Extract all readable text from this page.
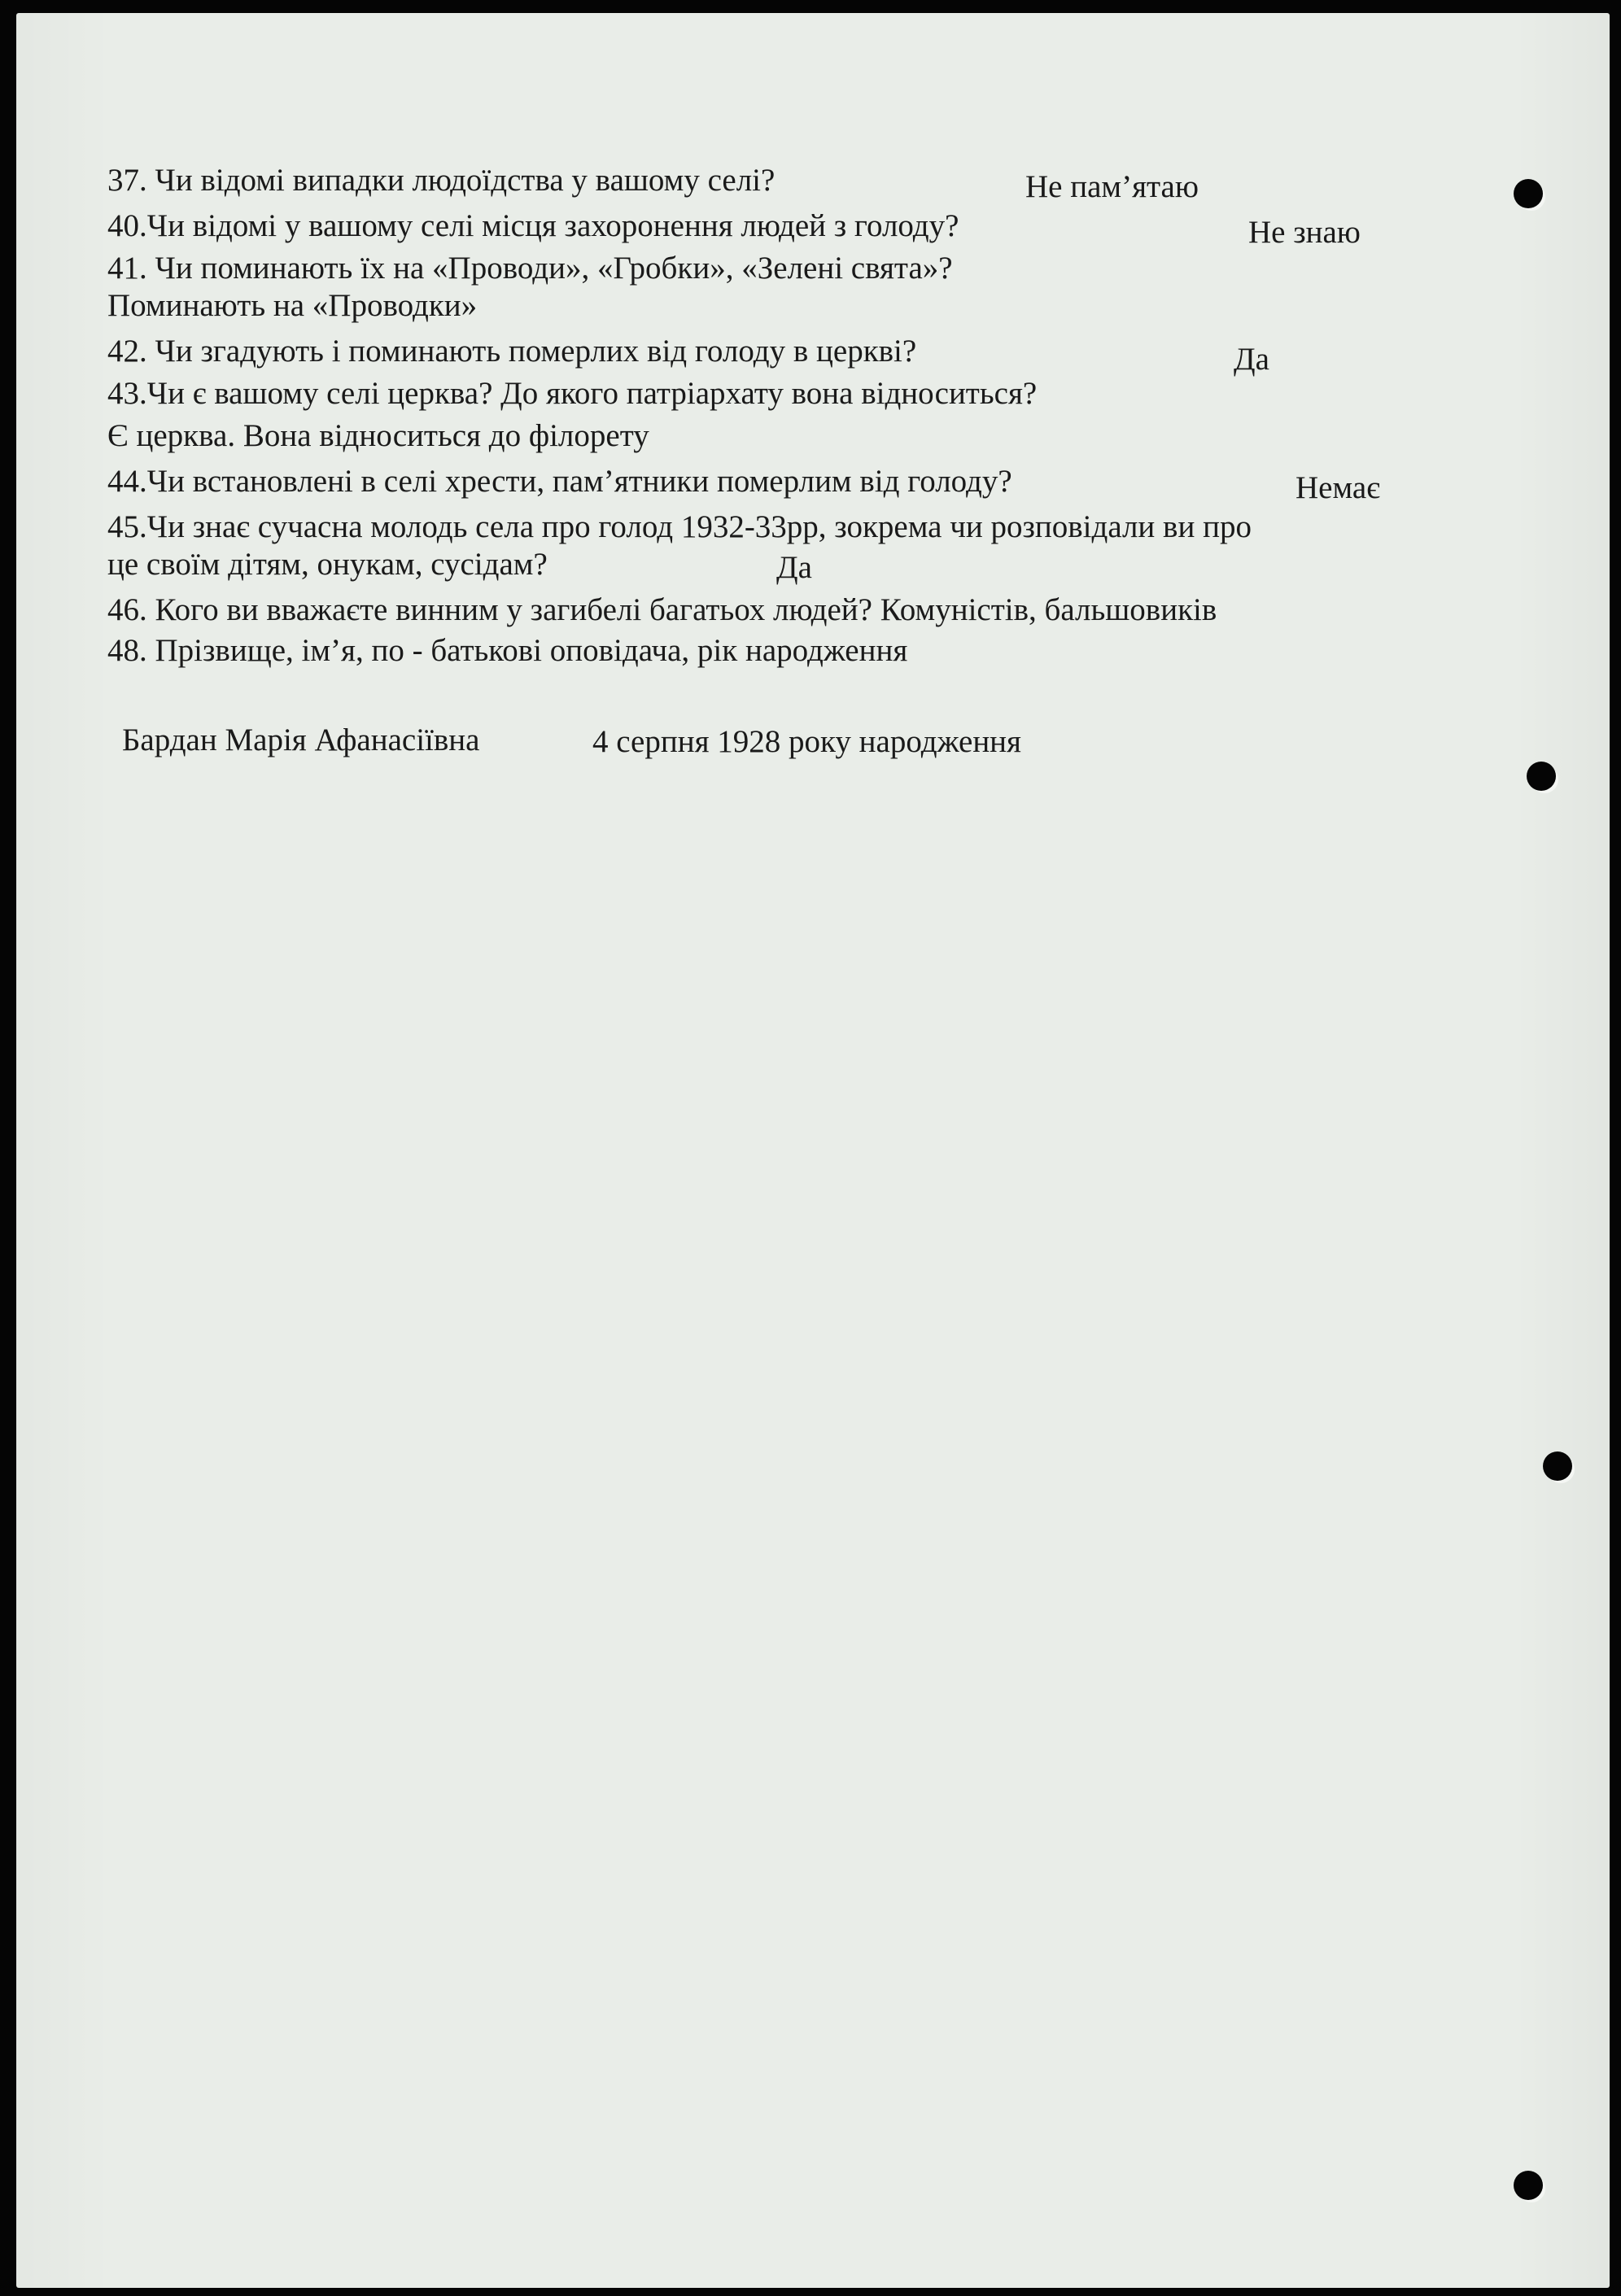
37. Чи відомі випадки людоїдства у вашому селі?	Не пам’ятаю
40.Чи відомі у вашому селі місця захоронення людей з голоду?	Не знаю
41. Чи поминають їх на «Проводи», «Гробки», «Зелені свята»?
Поминають на «Проводки»
42. Чи згадують і поминають померлих від голоду в церкві?	Да
43.Чи є вашому селі церква? До якого патріархату вона відноситься?
Є церква. Вона відноситься до філорету
44.Чи встановлені в селі хрести, пам’ятники померлим від голоду?	Немає
45.Чи знає сучасна молодь села про голод 1932-33рр, зокрема чи розповідали ви про
це своїм дітям, онукам, сусідам?	Да
46. Кого ви вважаєте винним у загибелі багатьох людей? Комуністів, бальшовиків
48. Прізвище, ім’я, по - батькові оповідача, рік народження
Бардан Марія Афанасіївна	4 серпня 1928 року народження
